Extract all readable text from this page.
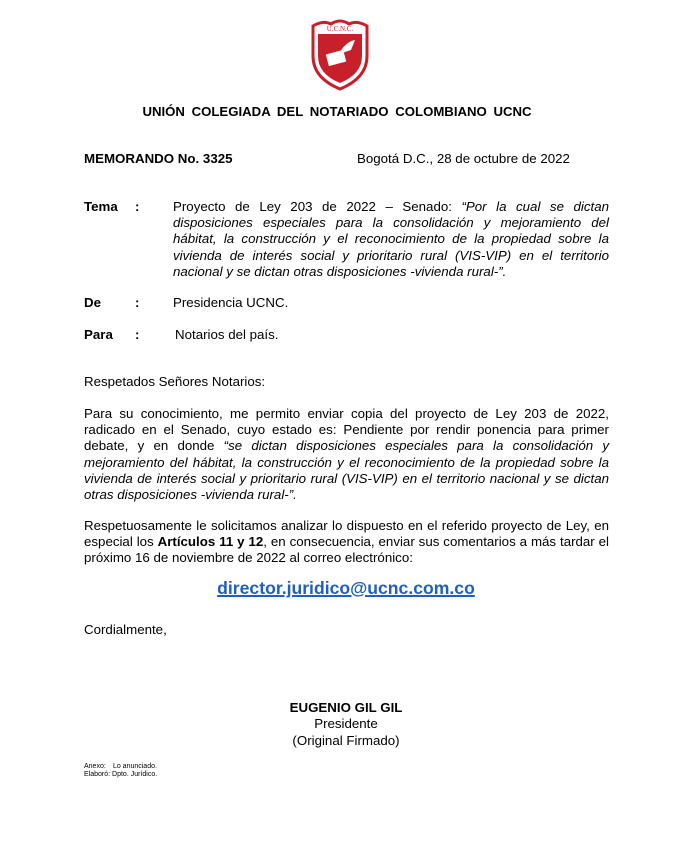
U.C.N.C.
UNIÓN COLEGIADA DEL NOTARIADO COLOMBIANO UCNC
MEMORANDO No. 3325	Bogotá D.C., 28 de octubre de 2022
Tema :	Proyecto de Ley 203 de 2022 – Senado: “Por la cual se dictan disposiciones especiales para la consolidación y mejoramiento del hábitat, la construcción y el reconocimiento de la propiedad sobre la vivienda de interés social y prioritario rural (VIS-VIP) en el territorio nacional y se dictan otras disposiciones -vivienda rural-”.
De	:	Presidencia UCNC.
Para :	Notarios del país.
Respetados Señores Notarios:
Para su conocimiento, me permito enviar copia del proyecto de Ley 203 de 2022, radicado en el Senado, cuyo estado es: Pendiente por rendir ponencia para primer debate, y en donde “se dictan disposiciones especiales para la consolidación y mejoramiento del hábitat, la construcción y el reconocimiento de la propiedad sobre la vivienda de interés social y prioritario rural (VIS-VIP) en el territorio nacional y se dictan otras disposiciones -vivienda rural-”.
Respetuosamente le solicitamos analizar lo dispuesto en el referido proyecto de Ley, en especial los Artículos 11 y 12, en consecuencia, enviar sus comentarios a más tardar el próximo 16 de noviembre de 2022 al correo electrónico:
director.juridico@ucnc.com.co
Cordialmente,
EUGENIO GIL GIL
Presidente
(Original Firmado)
Anexo: Lo anunciado.
Elaboró: Dpto. Jurídico.
